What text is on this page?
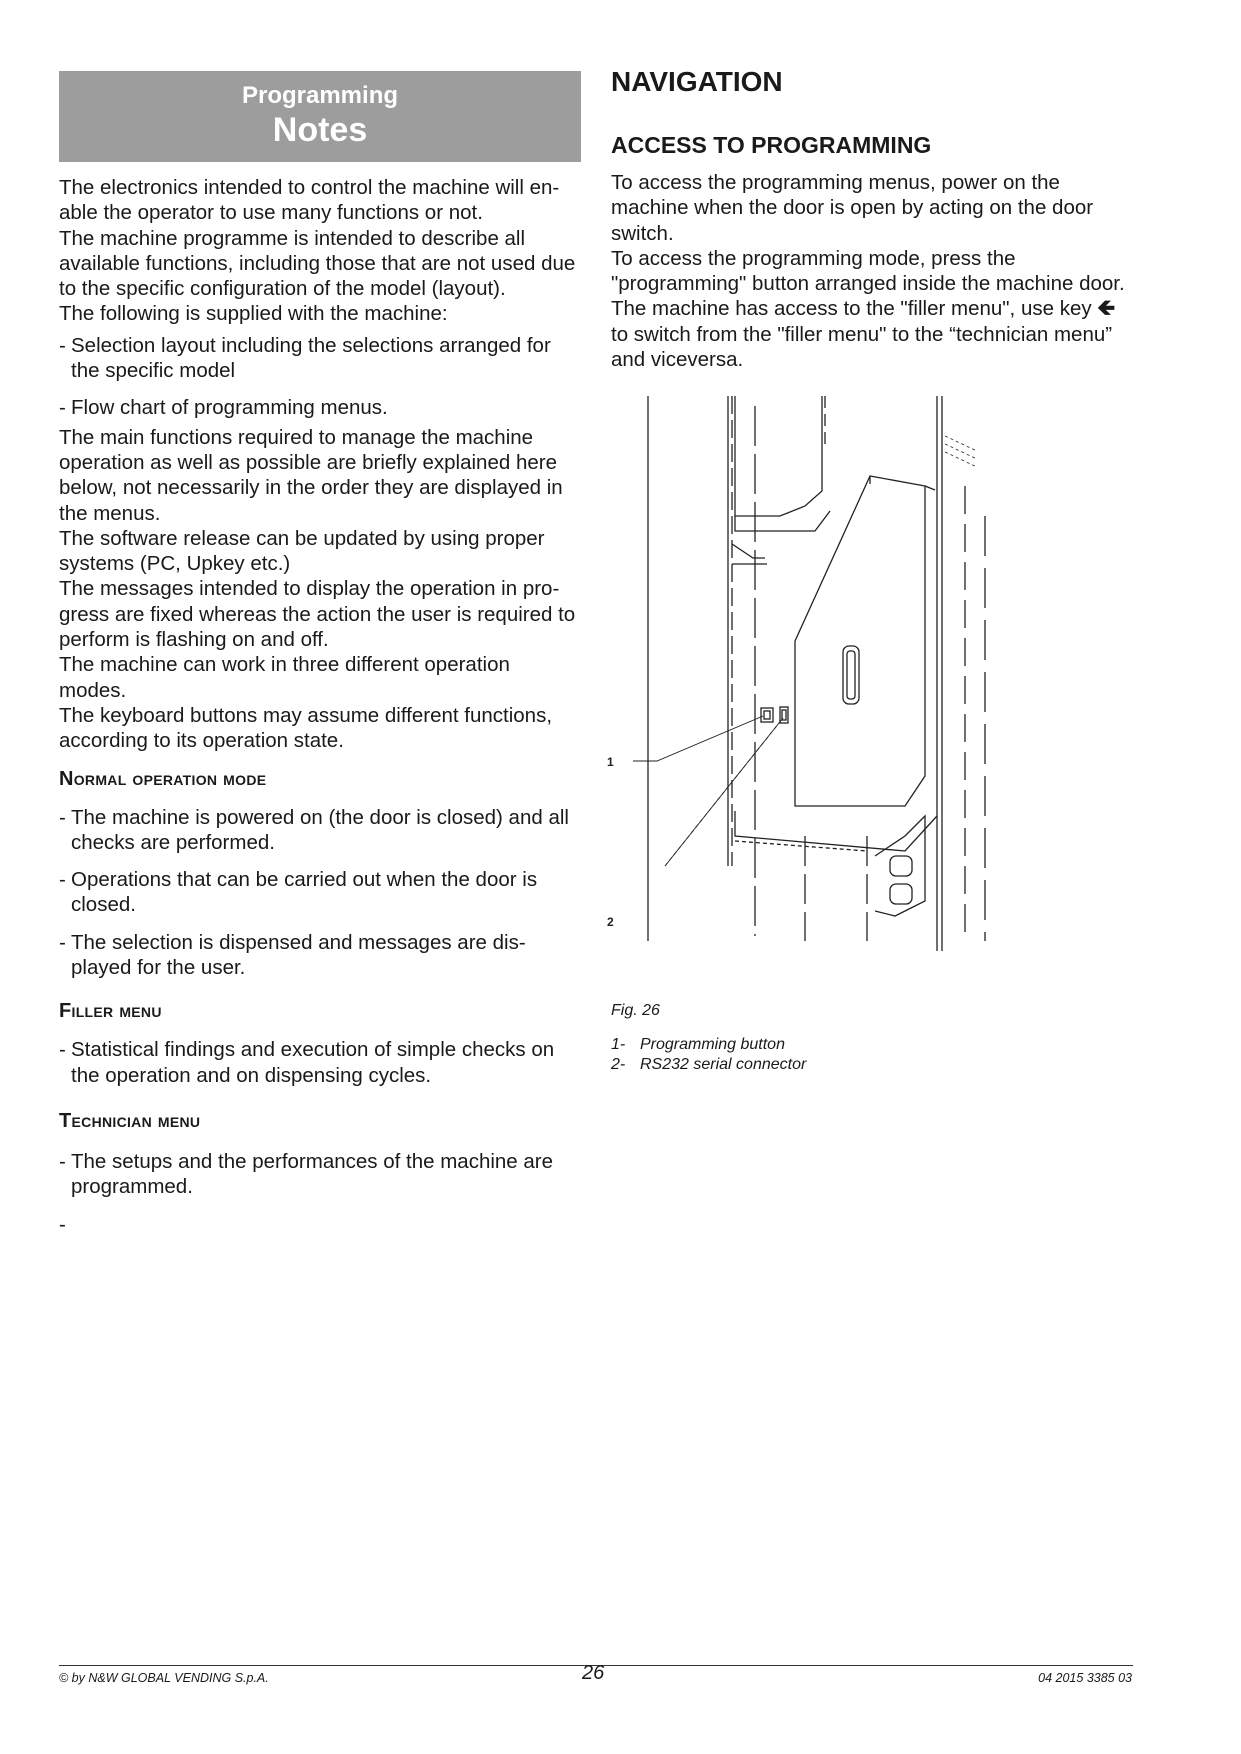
Programming
Notes
The electronics intended to control the machine will en-
able the operator to use many functions or not.
The machine programme is intended to describe all
available functions, including those that are not used due
to the specific configuration of the model (layout).
The following is supplied with the machine:
- Selection layout including the selections arranged for
the specific model
- Flow chart of programming menus.
The main functions required to manage the machine
operation as well as possible are briefly explained here
below, not necessarily in the order they are displayed in
the menus.
The software release can be updated by using proper
systems (PC, Upkey etc.)
The messages intended to display the operation in pro-
gress are fixed whereas the action the user is required to
perform is flashing on and off.
The machine can work in three different operation
modes.
The keyboard buttons may assume different functions,
according to its operation state.
Normal operation mode
- The machine is powered on (the door is closed) and all
checks are performed.
- Operations that can be carried out when the door is
closed.
- The selection is dispensed and messages are dis-
played for the user.
Filler menu
- Statistical findings and execution of simple checks on
the operation and on dispensing cycles.
Technician menu
- The setups and the performances of the machine are
programmed.
-
NAVIGATION
ACCESS TO PROGRAMMING
To access the programming menus, power on the
machine when the door is open by acting on the door
switch.
To access the programming mode, press the
"programming" button arranged inside the machine door.
The machine has access to the "filler menu", use key 🡸
to switch from the "filler menu" to the “technician menu”
and viceversa.
1
2
Fig. 26
1- Programming button
2- RS232 serial connector
© by N&W GLOBAL VENDING S.p.A.	26	04 2015 3385 03
